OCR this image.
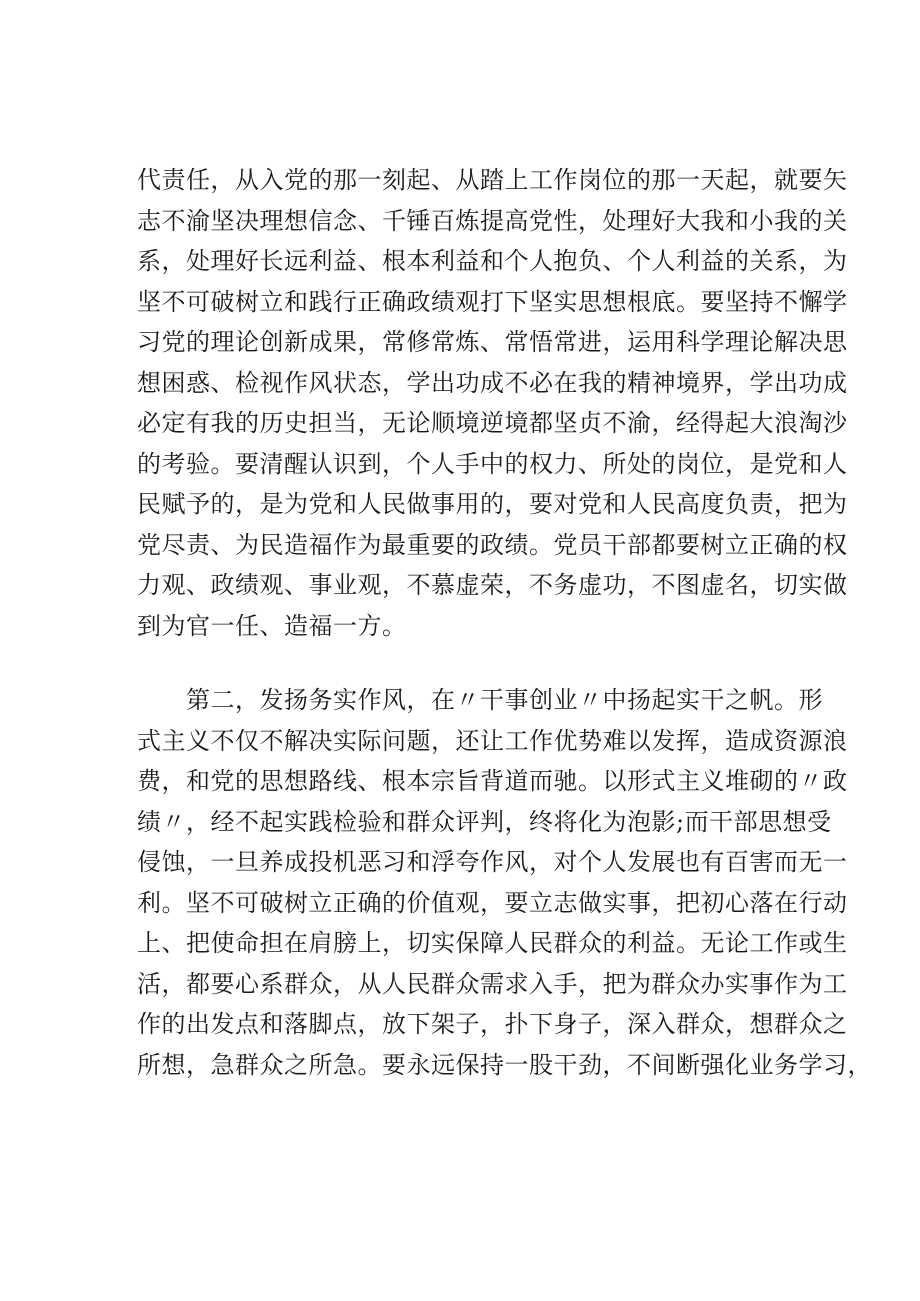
代责任，从入党的那一刻起、从踏上工作岗位的那一天起，就要矢
志不渝坚决理想信念、千锤百炼提高党性，处理好大我和小我的关
系，处理好长远利益、根本利益和个人抱负、个人利益的关系，为
坚不可破树立和践行正确政绩观打下坚实思想根底。要坚持不懈学
习党的理论创新成果，常修常炼、常悟常进，运用科学理论解决思
想困惑、检视作风状态，学出功成不必在我的精神境界，学出功成
必定有我的历史担当，无论顺境逆境都坚贞不渝，经得起大浪淘沙
的考验。要清醒认识到，个人手中的权力、所处的岗位，是党和人
民赋予的，是为党和人民做事用的，要对党和人民高度负责，把为
党尽责、为民造福作为最重要的政绩。党员干部都要树立正确的权
力观、政绩观、事业观，不慕虚荣，不务虚功，不图虚名，切实做
到为官一任、造福一方。
　　第二，发扬务实作风，在〃干事创业〃中扬起实干之帆。形
式主义不仅不解决实际问题，还让工作优势难以发挥，造成资源浪
费，和党的思想路线、根本宗旨背道而驰。以形式主义堆砌的〃政
绩〃，经不起实践检验和群众评判，终将化为泡影;而干部思想受
侵蚀，一旦养成投机恶习和浮夸作风，对个人发展也有百害而无一
利。坚不可破树立正确的价值观，要立志做实事，把初心落在行动
上、把使命担在肩膀上，切实保障人民群众的利益。无论工作或生
活，都要心系群众，从人民群众需求入手，把为群众办实事作为工
作的出发点和落脚点，放下架子，扑下身子，深入群众，想群众之
所想，急群众之所急。要永远保持一股干劲，不间断强化业务学习，
